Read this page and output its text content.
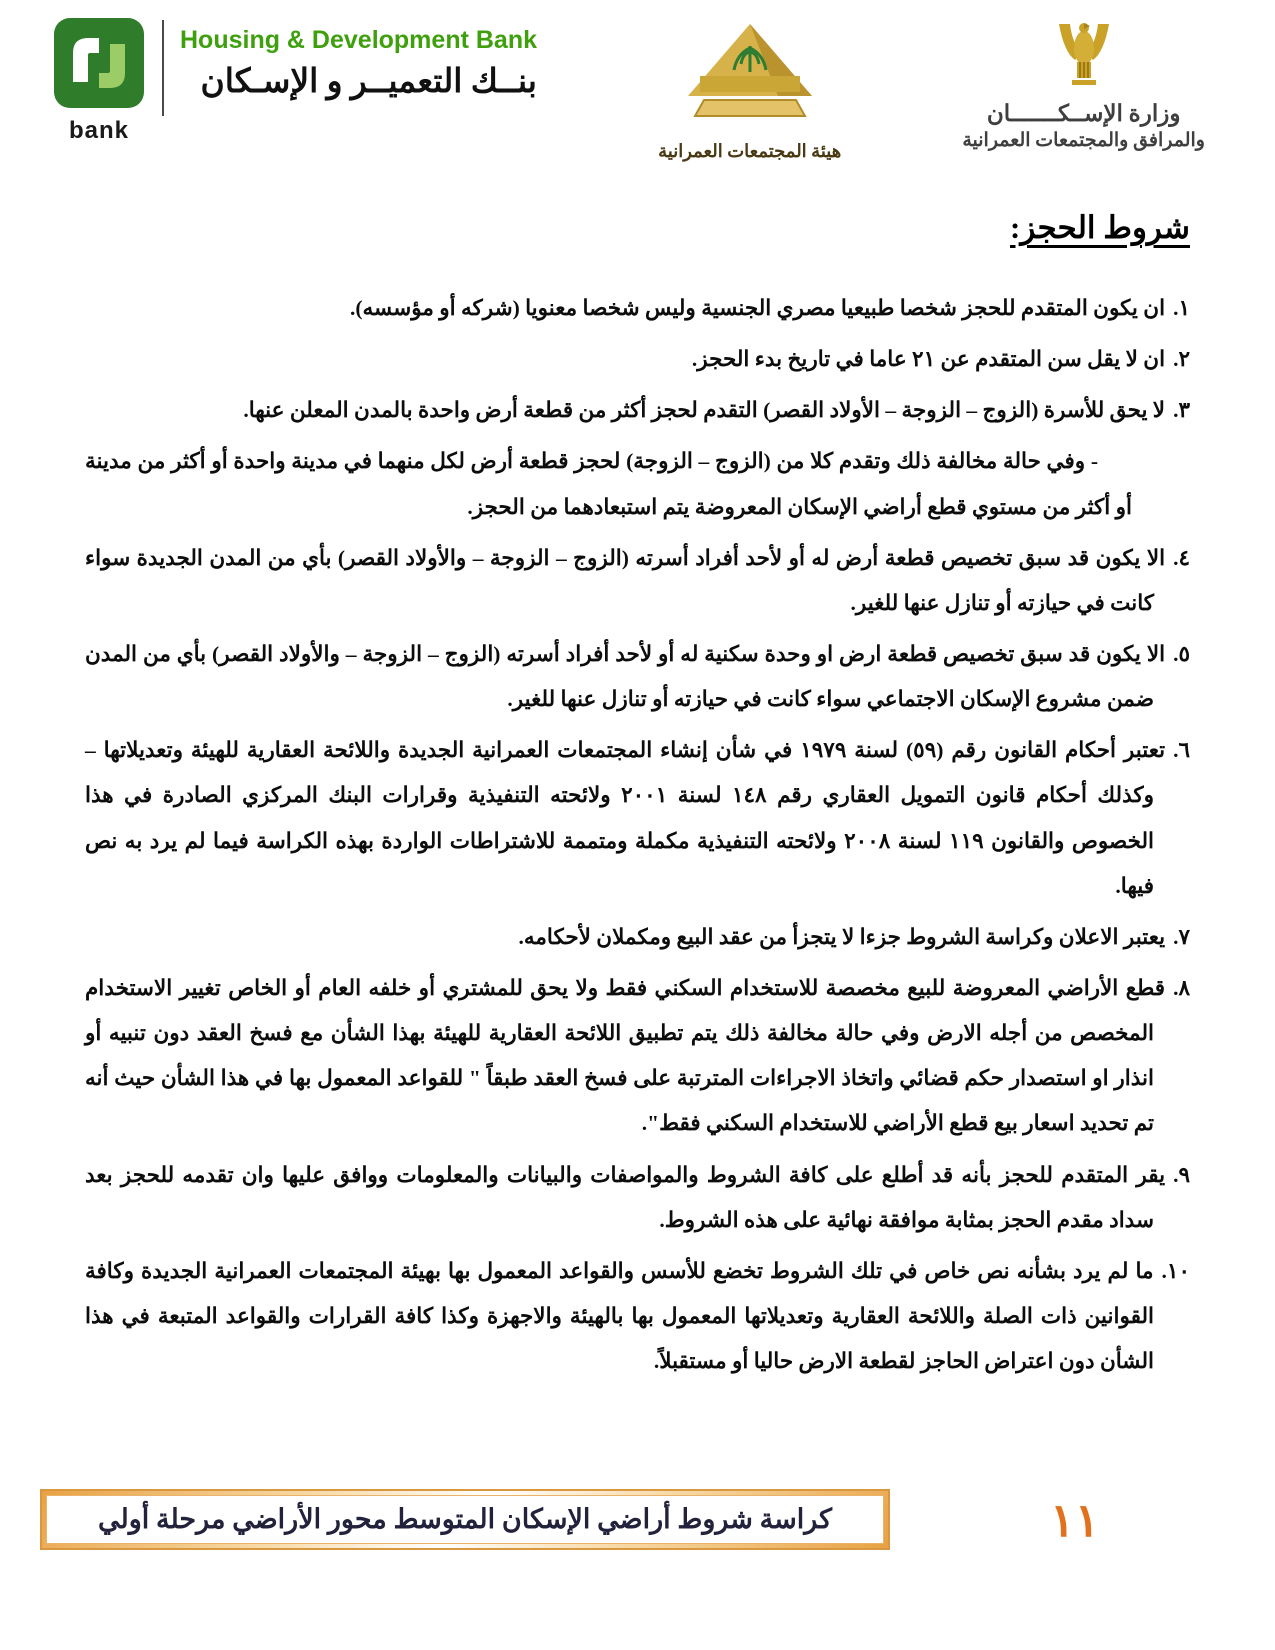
bank
Housing & Development Bank
بنــك التعميــر و الإسـكان
هيئة المجتمعات العمرانية
وزارة الإســكـــــــان
والمرافق والمجتمعات العمرانية
شروط الحجز:
١.ان يكون المتقدم للحجز شخصا طبيعيا مصري الجنسية وليس شخصا معنويا (شركه أو مؤسسه).
٢.ان لا يقل سن المتقدم عن ٢١ عاما في تاريخ بدء الحجز.
٣.لا يحق للأسرة (الزوج – الزوجة – الأولاد القصر) التقدم لحجز أكثر من قطعة أرض واحدة بالمدن المعلن عنها.
- وفي حالة مخالفة ذلك وتقدم كلا من (الزوج – الزوجة) لحجز قطعة أرض لكل منهما في مدينة واحدة أو أكثر من مدينة أو أكثر من مستوي قطع أراضي الإسكان المعروضة يتم استبعادهما من الحجز.
٤.الا يكون قد سبق تخصيص قطعة أرض له أو لأحد أفراد أسرته (الزوج – الزوجة – والأولاد القصر) بأي من المدن الجديدة سواء كانت في حيازته أو تنازل عنها للغير.
٥.الا يكون قد سبق تخصيص قطعة ارض او وحدة سكنية له أو لأحد أفراد أسرته (الزوج – الزوجة – والأولاد القصر) بأي من المدن ضمن مشروع الإسكان الاجتماعي سواء كانت في حيازته أو تنازل عنها للغير.
٦.تعتبر أحكام القانون رقم (٥٩) لسنة ١٩٧٩ في شأن إنشاء المجتمعات العمرانية الجديدة واللائحة العقارية للهيئة وتعديلاتها – وكذلك أحكام قانون التمويل العقاري رقم ١٤٨ لسنة ٢٠٠١ ولائحته التنفيذية وقرارات البنك المركزي الصادرة في هذا الخصوص والقانون ١١٩ لسنة ٢٠٠٨ ولائحته التنفيذية مكملة ومتممة للاشتراطات الواردة بهذه الكراسة فيما لم يرد به نص فيها.
٧.يعتبر الاعلان وكراسة الشروط جزءا لا يتجزأ من عقد البيع ومكملان لأحكامه.
٨.قطع الأراضي المعروضة للبيع مخصصة للاستخدام السكني فقط ولا يحق للمشتري أو خلفه العام أو الخاص تغيير الاستخدام المخصص من أجله الارض وفي حالة مخالفة ذلك يتم تطبيق اللائحة العقارية للهيئة بهذا الشأن مع فسخ العقد دون تنبيه أو انذار او استصدار حكم قضائي واتخاذ الاجراءات المترتبة على فسخ العقد طبقاً " للقواعد المعمول بها في هذا الشأن حيث أنه تم تحديد اسعار بيع قطع الأراضي للاستخدام السكني فقط".
٩.يقر المتقدم للحجز بأنه قد أطلع على كافة الشروط والمواصفات والبيانات والمعلومات ووافق عليها وان تقدمه للحجز بعد سداد مقدم الحجز بمثابة موافقة نهائية على هذه الشروط.
١٠.ما لم يرد بشأنه نص خاص في تلك الشروط تخضع للأسس والقواعد المعمول بها بهيئة المجتمعات العمرانية الجديدة وكافة القوانين ذات الصلة واللائحة العقارية وتعديلاتها المعمول بها بالهيئة والاجهزة وكذا كافة القرارات والقواعد المتبعة في هذا الشأن دون اعتراض الحاجز لقطعة الارض حاليا أو مستقبلاً.
كراسة شروط أراضي الإسكان المتوسط محور الأراضي مرحلة أولي	١١
